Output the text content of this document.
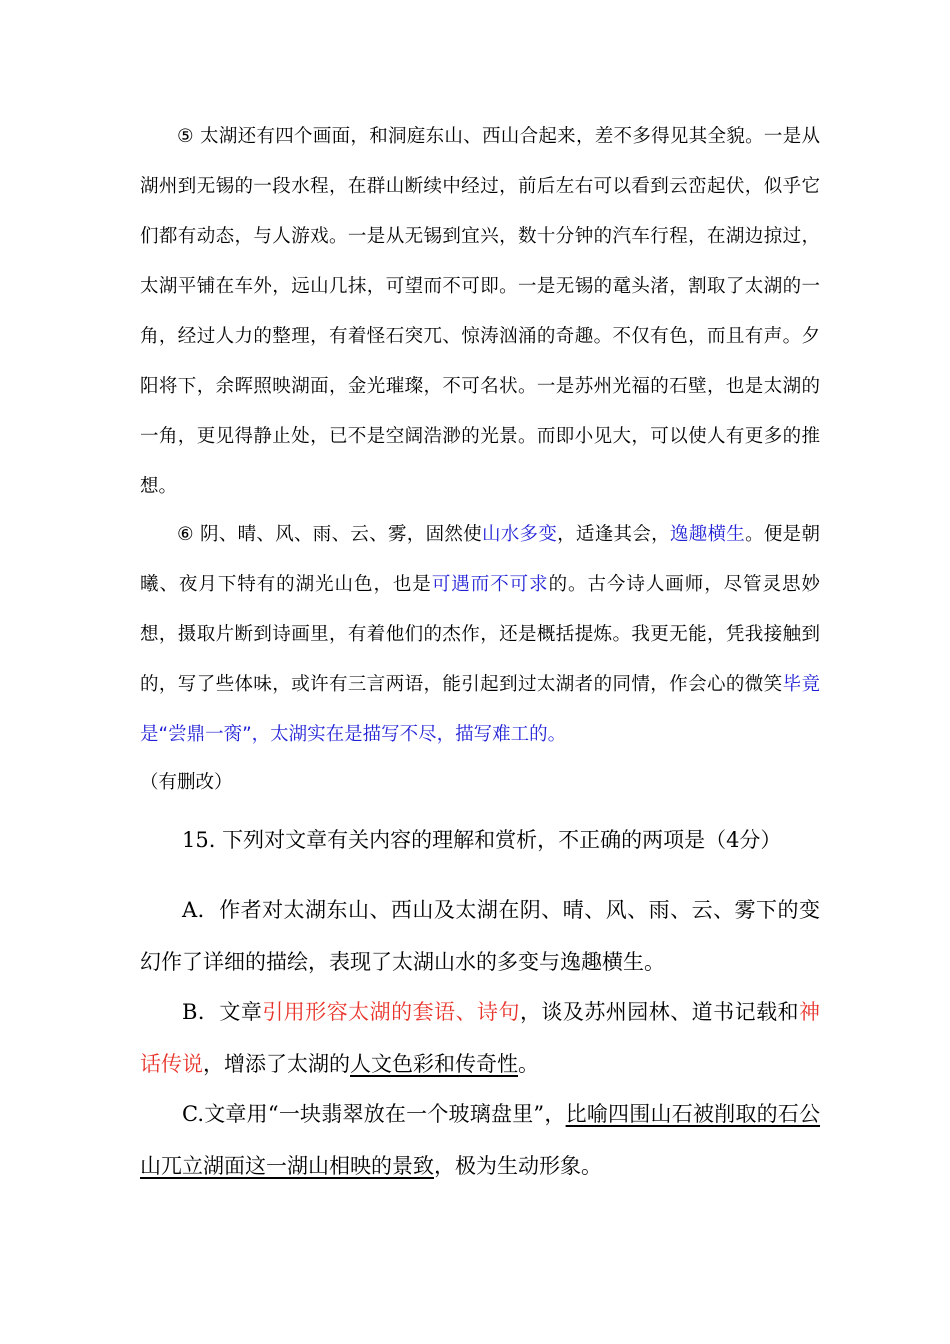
⑤ 太湖还有四个画面，和洞庭东山、西山合起来，差不多得见其全貌。一是从湖州到无锡的一段水程，在群山断续中经过，前后左右可以看到云峦起伏，似乎它们都有动态，与人游戏。一是从无锡到宜兴，数十分钟的汽车行程，在湖边掠过，太湖平铺在车外，远山几抹，可望而不可即。一是无锡的鼋头渚，割取了太湖的一角，经过人力的整理，有着怪石突兀、惊涛汹涌的奇趣。不仅有色，而且有声。夕阳将下，余晖照映湖面，金光璀璨，不可名状。一是苏州光福的石壁，也是太湖的一角，更见得静止处，已不是空阔浩渺的光景。而即小见大，可以使人有更多的推想。

⑥ 阴、晴、风、雨、云、雾，固然使山水多变，适逢其会，逸趣横生。便是朝曦、夜月下特有的湖光山色，也是可遇而不可求的。古今诗人画师，尽管灵思妙想，摄取片断到诗画里，有着他们的杰作，还是概括提炼。我更无能，凭我接触到的，写了些体味，或许有三言两语，能引起到过太湖者的同情，作会心的微笑毕竟是“尝鼎一脔”，太湖实在是描写不尽，描写难工的。

（有删改）

15. 下列对文章有关内容的理解和赏析，不正确的两项是（4分）

A．作者对太湖东山、西山及太湖在阴、晴、风、雨、云、雾下的变幻作了详细的描绘，表现了太湖山水的多变与逸趣横生。

B．文章引用形容太湖的套语、诗句，谈及苏州园林、道书记载和神话传说，增添了太湖的人文色彩和传奇性。

C.文章用“一块翡翠放在一个玻璃盘里”，比喻四围山石被削取的石公山兀立湖面这一湖山相映的景致，极为生动形象。
